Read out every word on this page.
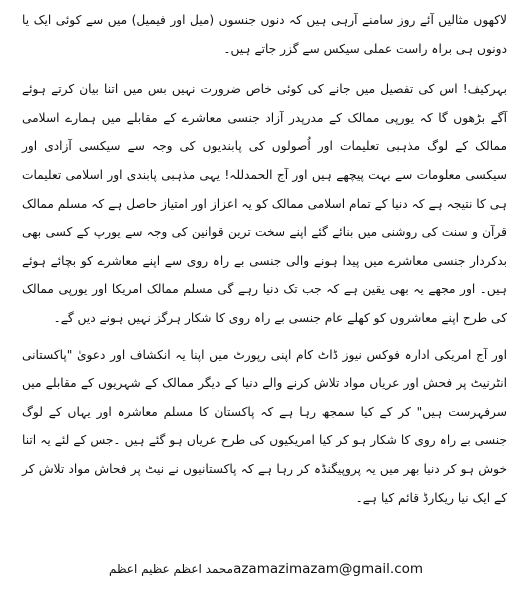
لاکھوں مثالیں آئے روز سامنے آرہی ہیں کہ دنوں جنسوں (میل اور فیمیل) میں سے کوئی ایک یا دونوں ہی براہ راست عملی سیکس سے گزر جاتے ہیں۔

بہرکیف! اس کی تفصیل میں جانے کی کوئی خاص ضرورت نہیں بس میں اتنا بیان کرتے ہوئے آگے بڑھوں گا کہ یورپی ممالک کے مدرپدر آزاد جنسی معاشرے کے مقابلے میں ہمارے اسلامی ممالک کے لوگ مذہبی تعلیمات اور اُصولوں کی پابندیوں کی وجہ سے سیکسی آزادی اور سیکسی معلومات سے بہت پیچھے ہیں اور آج الحمدللہ! یہی مذہبی پابندی اور اسلامی تعلیمات ہی کا نتیجہ ہے کہ دنیا کے تمام اسلامی ممالک کو یہ اعزاز اور امتیاز حاصل ہے کہ مسلم ممالک قرآن و سنت کی روشنی میں بنائے گئے اپنے سخت ترین قوانین کی وجہ سے یورپ کے کسی بھی بدکردار جنسی معاشرے میں پیدا ہونے والی جنسی بے راہ روی سے اپنے معاشرے کو بچائے ہوئے ہیں۔ اور مجھے یہ بھی یقین ہے کہ جب تک دنیا رہے گی مسلم ممالک امریکا اور یورپی ممالک کی طرح اپنے معاشروں کو کھلے عام جنسی بے راہ روی کا شکار ہرگز نہیں ہونے دیں گے۔

اور آج امریکی ادارہ فوکس نیوز ڈاٹ کام اپنی رپورٹ میں اپنا یہ انکشاف اور دعویٰ "پاکستانی انٹرنیٹ پر فحش اور عریاں مواد تلاش کرنے والے دنیا کے دیگر ممالک کے شہریوں کے مقابلے میں سرفہرست ہیں" کر کے کیا سمجھ رہا ہے کہ پاکستان کا مسلم معاشرہ اور یہاں کے لوگ جنسی بے راہ روی کا شکار ہو کر کیا امریکیوں کی طرح عریاں ہو گئے ہیں ۔جس کے لئے یہ اتنا خوش ہو کر دنیا بھر میں یہ پروپیگنڈہ کر رہا ہے کہ پاکستانیوں نے نیٹ پر فحاش مواد تلاش کر کے ایک نیا ریکارڈ قائم کیا ہے۔

azamazimazam@gmail.comمحمد اعظم عظیم اعظم
